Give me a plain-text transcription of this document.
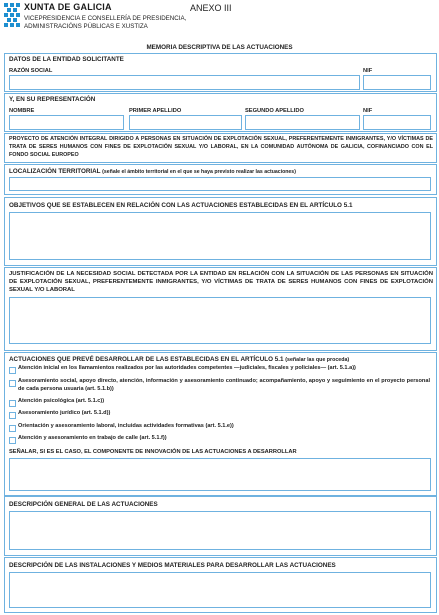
XUNTA DE GALICIA
VICEPRESIDENCIA E CONSELLERÍA DE PRESIDENCIA,
ADMINISTRACIÓNS PÚBLICAS E XUSTIZA
ANEXO III
MEMORIA DESCRIPTIVA DE LAS ACTUACIONES
DATOS DE LA ENTIDAD SOLICITANTE
RAZÓN SOCIAL	NIF
Y, EN SU REPRESENTACIÓN
NOMBRE	PRIMER APELLIDO	SEGUNDO APELLIDO	NIF
PROYECTO DE ATENCIÓN INTEGRAL DIRIGIDO A PERSONAS EN SITUACIÓN DE EXPLOTACIÓN SEXUAL, PREFERENTEMENTE INMIGRANTES, Y/O VÍCTIMAS DE TRATA DE SERES HUMANOS CON FINES DE EXPLOTACIÓN SEXUAL Y/O LABORAL, EN LA COMUNIDAD AUTÓNOMA DE GALICIA, COFINANCIADO CON EL FONDO SOCIAL EUROPEO
LOCALIZACIÓN TERRITORIAL (señale el ámbito territorial en el que se haya previsto realizar las actuaciones)
OBJETIVOS QUE SE ESTABLECEN EN RELACIÓN CON LAS ACTUACIONES ESTABLECIDAS EN EL ARTÍCULO 5.1
JUSTIFICACIÓN DE LA NECESIDAD SOCIAL DETECTADA POR LA ENTIDAD EN RELACIÓN CON LA SITUACIÓN DE LAS PERSONAS EN SITUACIÓN DE EXPLOTACIÓN SEXUAL, PREFERENTEMENTE INMIGRANTES, Y/O VÍCTIMAS DE TRATA DE SERES HUMANOS CON FINES DE EXPLOTACIÓN SEXUAL Y/O LABORAL
ACTUACIONES QUE PREVÉ DESARROLLAR DE LAS ESTABLECIDAS EN EL ARTÍCULO 5.1 (señalar las que proceda)
Atención inicial en los llamamientos realizados por las autoridades competentes —judiciales, fiscales y policiales— (art. 5.1.a))
Asesoramiento social, apoyo directo, atención, información y asesoramiento continuado; acompañamiento, apoyo y seguimiento en el proyecto personal de cada persona usuaria (art. 5.1.b))
Atención psicológica (art. 5.1.c))
Asesoramiento jurídico (art. 5.1.d))
Orientación y asesoramiento laboral, incluidas actividades formativas (art. 5.1.e))
Atención y asesoramiento en trabajo de calle (art. 5.1.f))
SEÑALAR, SI ES EL CASO, EL COMPONENTE DE INNOVACIÓN DE LAS ACTUACIONES A DESARROLLAR
DESCRIPCIÓN GENERAL DE LAS ACTUACIONES
DESCRIPCIÓN DE LAS INSTALACIONES Y MEDIOS MATERIALES PARA DESARROLLAR LAS ACTUACIONES
